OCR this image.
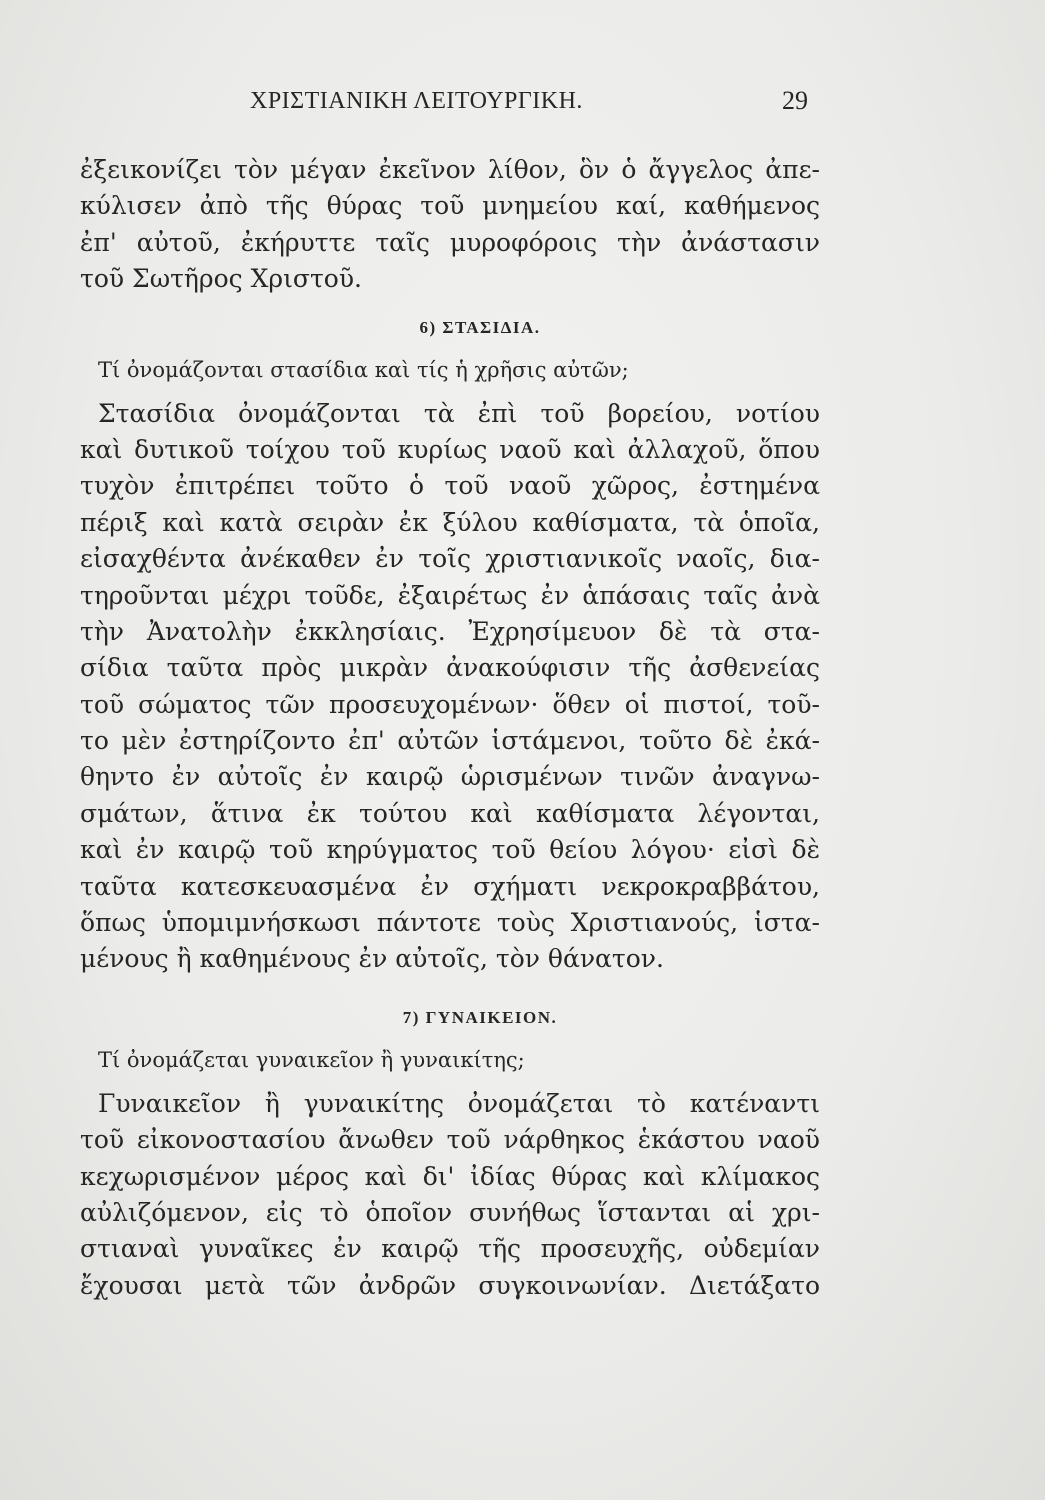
ΧΡΙΣΤΙΑΝΙΚΗ ΛΕΙΤΟΥΡΓΙΚΗ.	29
ἐξεικονίζει τὸν μέγαν ἐκεῖνον λίθον, ὃν ὁ ἄγγελος ἀπε-
κύλισεν ἀπὸ τῆς θύρας τοῦ μνημείου καί, καθήμενος
ἐπ' αὐτοῦ, ἐκήρυττε ταῖς μυροφόροις τὴν ἀνάστασιν
τοῦ Σωτῆρος Χριστοῦ.
6) ΣΤΑΣΙΔΙΑ.
Τί ὀνομάζονται στασίδια καὶ τίς ἡ χρῆσις αὐτῶν;
Στασίδια ὀνομάζονται τὰ ἐπὶ τοῦ βορείου, νοτίου
καὶ δυτικοῦ τοίχου τοῦ κυρίως ναοῦ καὶ ἀλλαχοῦ, ὅπου
τυχὸν ἐπιτρέπει τοῦτο ὁ τοῦ ναοῦ χῶρος, ἐστημένα
πέριξ καὶ κατὰ σειρὰν ἐκ ξύλου καθίσματα, τὰ ὁποῖα,
εἰσαχθέντα ἀνέκαθεν ἐν τοῖς χριστιανικοῖς ναοῖς, δια-
τηροῦνται μέχρι τοῦδε, ἐξαιρέτως ἐν ἁπάσαις ταῖς ἀνὰ
τὴν Ἀνατολὴν ἐκκλησίαις. Ἐχρησίμευον δὲ τὰ στα-
σίδια ταῦτα πρὸς μικρὰν ἀνακούφισιν τῆς ἀσθενείας
τοῦ σώματος τῶν προσευχομένων· ὅθεν οἱ πιστοί, τοῦ-
το μὲν ἐστηρίζοντο ἐπ' αὐτῶν ἱστάμενοι, τοῦτο δὲ ἐκά-
θηντο ἐν αὐτοῖς ἐν καιρῷ ὡρισμένων τινῶν ἀναγνω-
σμάτων, ἅτινα ἐκ τούτου καὶ καθίσματα λέγονται,
καὶ ἐν καιρῷ τοῦ κηρύγματος τοῦ θείου λόγου· εἰσὶ δὲ
ταῦτα κατεσκευασμένα ἐν σχήματι νεκροκραββάτου,
ὅπως ὑπομιμνήσκωσι πάντοτε τοὺς Χριστιανούς, ἱστα-
μένους ἢ καθημένους ἐν αὐτοῖς, τὸν θάνατον.
7) ΓΥΝΑΙΚΕΙΟΝ.
Τί ὀνομάζεται γυναικεῖον ἢ γυναικίτης;
Γυναικεῖον ἢ γυναικίτης ὀνομάζεται τὸ κατέναντι
τοῦ εἰκονοστασίου ἄνωθεν τοῦ νάρθηκος ἑκάστου ναοῦ
κεχωρισμένον μέρος καὶ δι' ἰδίας θύρας καὶ κλίμακος
αὐλιζόμενον, εἰς τὸ ὁποῖον συνήθως ἵστανται αἱ χρι-
στιαναὶ γυναῖκες ἐν καιρῷ τῆς προσευχῆς, οὐδεμίαν
ἔχουσαι μετὰ τῶν ἀνδρῶν συγκοινωνίαν. Διετάξατο
